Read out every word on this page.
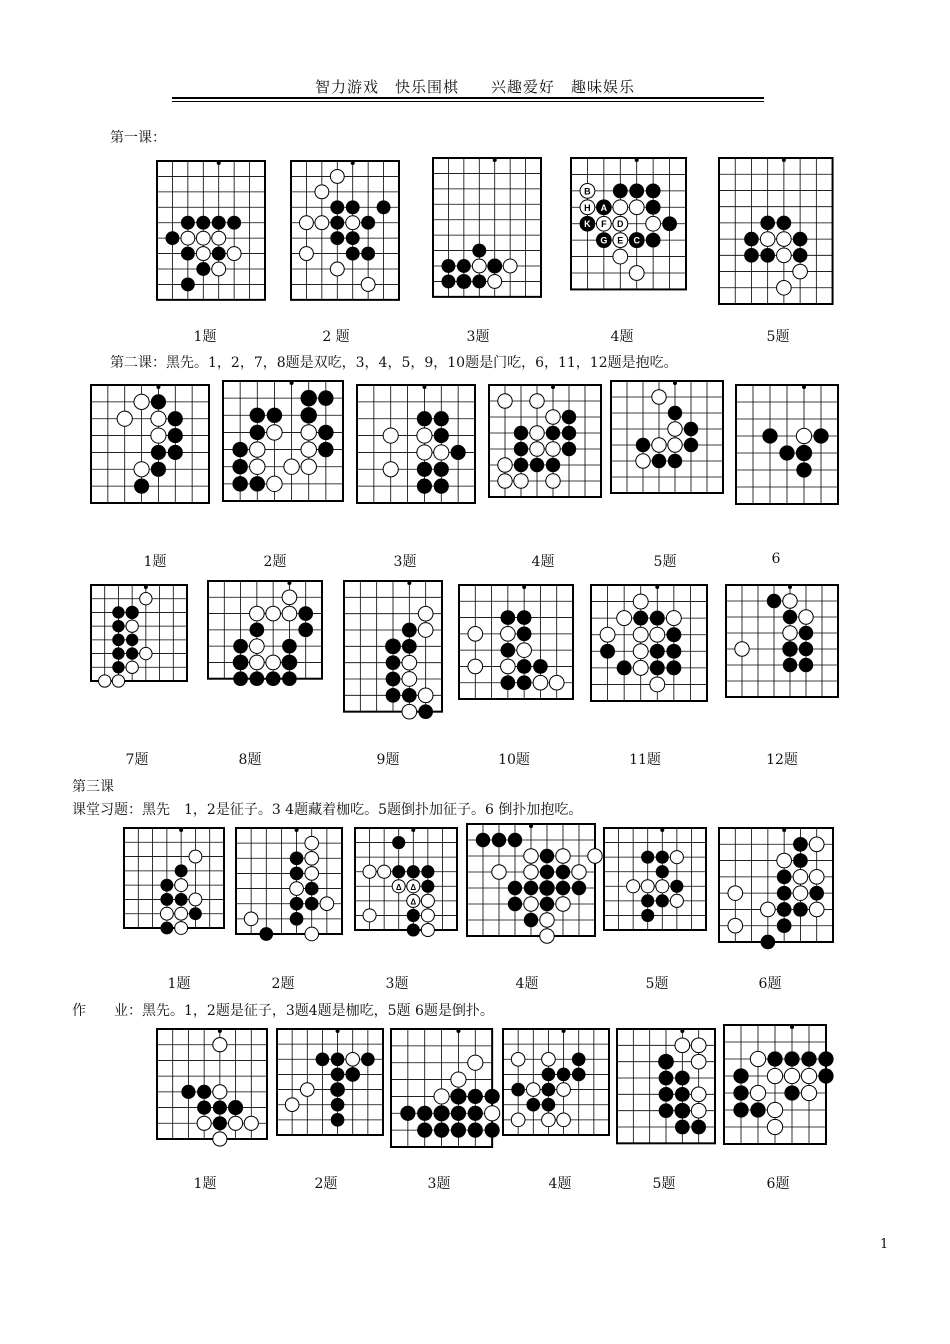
智力游戏　快乐围棋　　兴趣爱好　趣味娱乐
第一课：
第二课：黑先。1，2，7，8题是双吃，3，4，5，9，10题是门吃，6，11，12题是抱吃。
第三课
课堂习题：黑先　1，2是征子。3 4题藏着枷吃。5题倒扑加征子。6 倒扑加抱吃。
作　　业：黑先。1，2题是征子，3题4题是枷吃，5题 6题是倒扑。
B
A
H
K F D
G E C
1题	2 题	3题	4题	5题
1题	2题	3题	4题	5题	6
7题	8题	9题	10题	11题	12题
Δ Δ
Δ
1题	2题	3题	4题	5题	6题
1题	2题	3题	4题	5题	6题
1
